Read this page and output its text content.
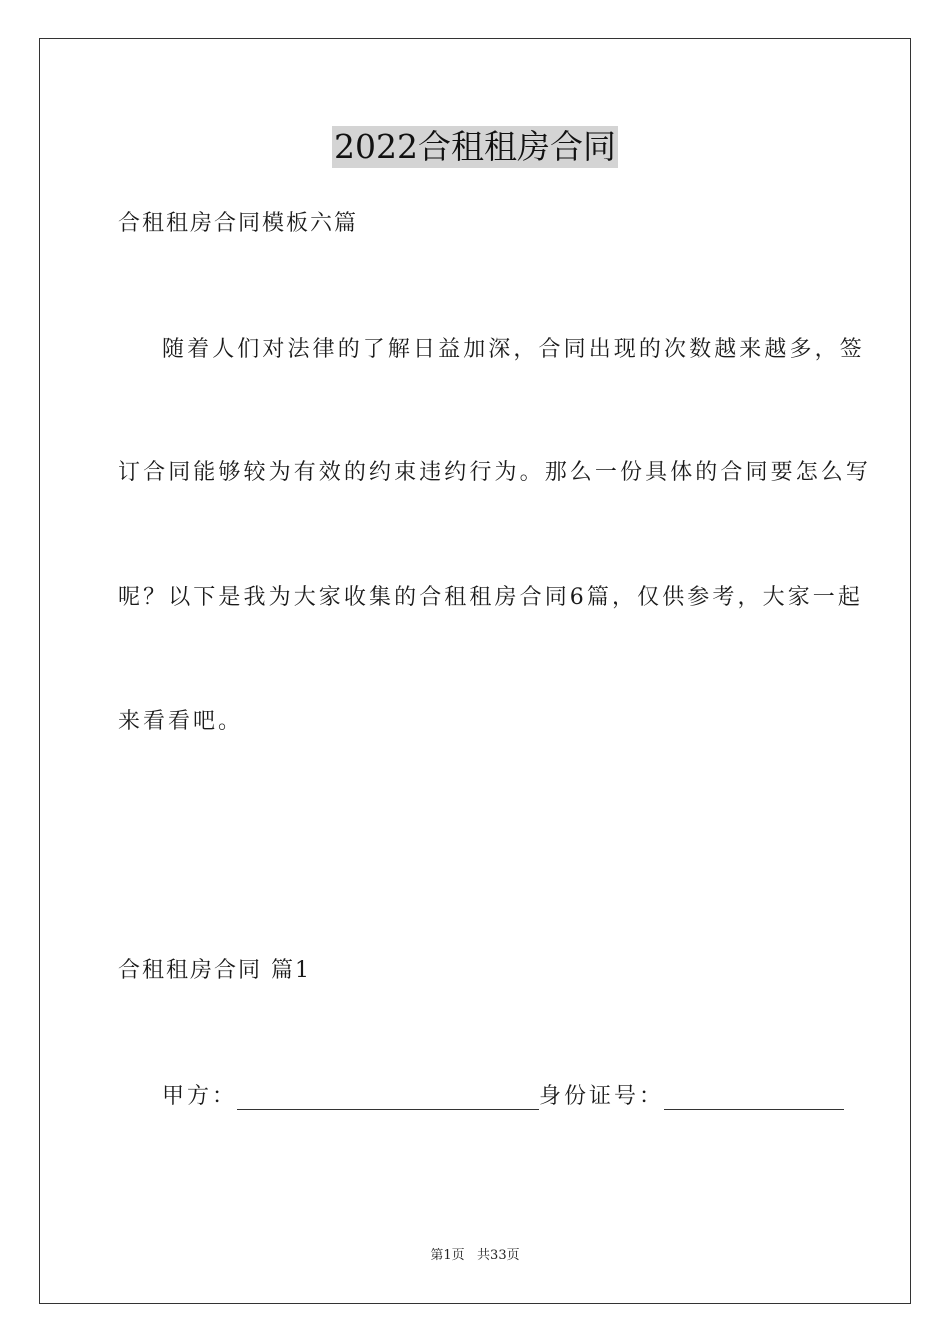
2022合租租房合同
合租租房合同模板六篇
随着人们对法律的了解日益加深，合同出现的次数越来越多，签
订合同能够较为有效的约束违约行为。那么一份具体的合同要怎么写
呢？以下是我为大家收集的合租租房合同6篇，仅供参考，大家一起
来看看吧。
合租租房合同 篇1
甲方：	身份证号：
第1页   共33页
